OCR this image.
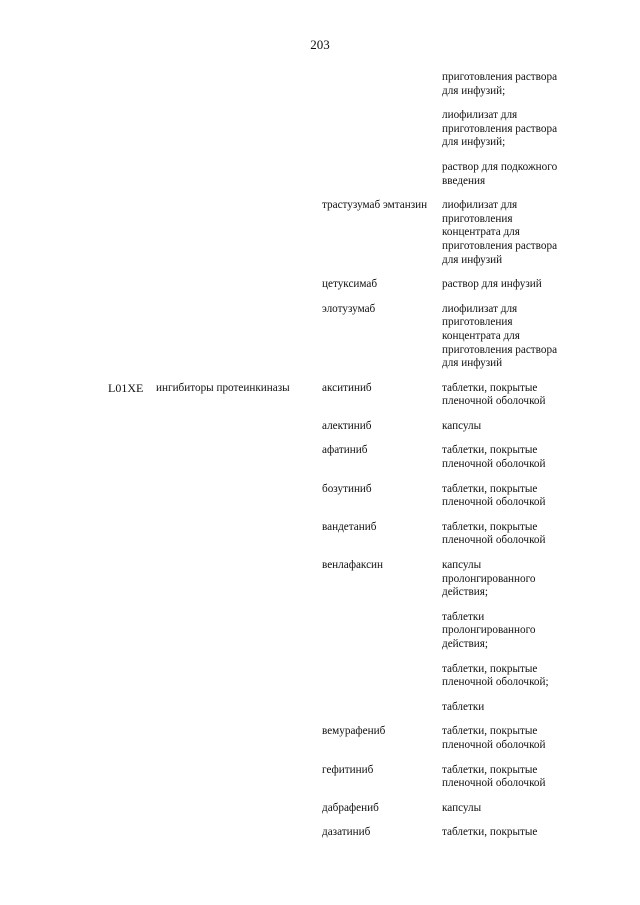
203
приготовления раствора
для инфузий;
лиофилизат для
приготовления раствора
для инфузий;
раствор для подкожного
введения
трастузумаб эмтанзин	лиофилизат для
приготовления
концентрата для
приготовления раствора
для инфузий
цетуксимаб	раствор для инфузий
элотузумаб	лиофилизат для
приготовления
концентрата для
приготовления раствора
для инфузий
L01XE	ингибиторы протеинкиназы	акситиниб	таблетки, покрытые
пленочной оболочкой
алектиниб	капсулы
афатиниб	таблетки, покрытые
пленочной оболочкой
бозутиниб	таблетки, покрытые
пленочной оболочкой
вандетаниб	таблетки, покрытые
пленочной оболочкой
венлафаксин	капсулы
пролонгированного
действия;
таблетки
пролонгированного
действия;
таблетки, покрытые
пленочной оболочкой;
таблетки
вемурафениб	таблетки, покрытые
пленочной оболочкой
гефитиниб	таблетки, покрытые
пленочной оболочкой
дабрафениб	капсулы
дазатиниб	таблетки, покрытые
